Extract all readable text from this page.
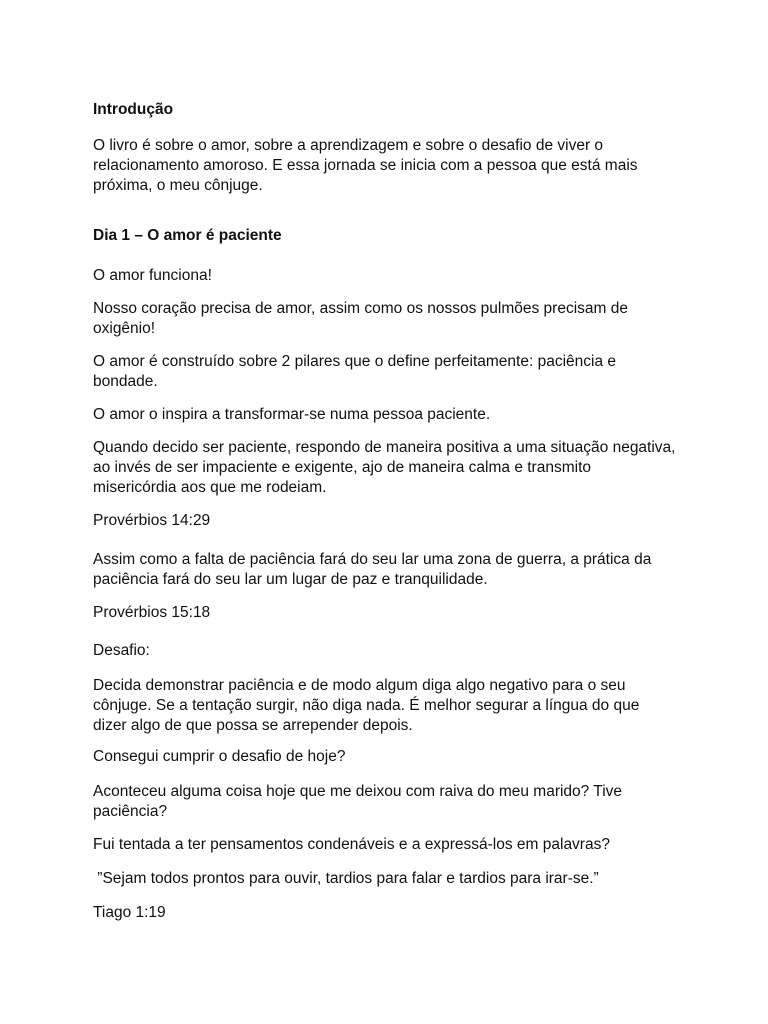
Introdução

O livro é sobre o amor, sobre a aprendizagem e sobre o desafio de viver o
relacionamento amoroso. E essa jornada se inicia com a pessoa que está mais
próxima, o meu cônjuge.

Dia 1 – O amor é paciente

O amor funciona!

Nosso coração precisa de amor, assim como os nossos pulmões precisam de
oxigênio!
O amor é construído sobre 2 pilares que o define perfeitamente: paciência e
bondade.

O amor o inspira a transformar-se numa pessoa paciente.

Quando decido ser paciente, respondo de maneira positiva a uma situação negativa,
ao invés de ser impaciente e exigente, ajo de maneira calma e transmito
misericórdia aos que me rodeiam.

Provérbios 14:29

Assim como a falta de paciência fará do seu lar uma zona de guerra, a prática da
paciência fará do seu lar um lugar de paz e tranquilidade.

Provérbios 15:18

Desafio:

Decida demonstrar paciência e de modo algum diga algo negativo para o seu
cônjuge. Se a tentação surgir, não diga nada. É melhor segurar a língua do que
dizer algo de que possa se arrepender depois.

Consegui cumprir o desafio de hoje?

Aconteceu alguma coisa hoje que me deixou com raiva do meu marido? Tive
paciência?

Fui tentada a ter pensamentos condenáveis e a expressá-los em palavras?

”Sejam todos prontos para ouvir, tardios para falar e tardios para irar-se.”

Tiago 1:19
